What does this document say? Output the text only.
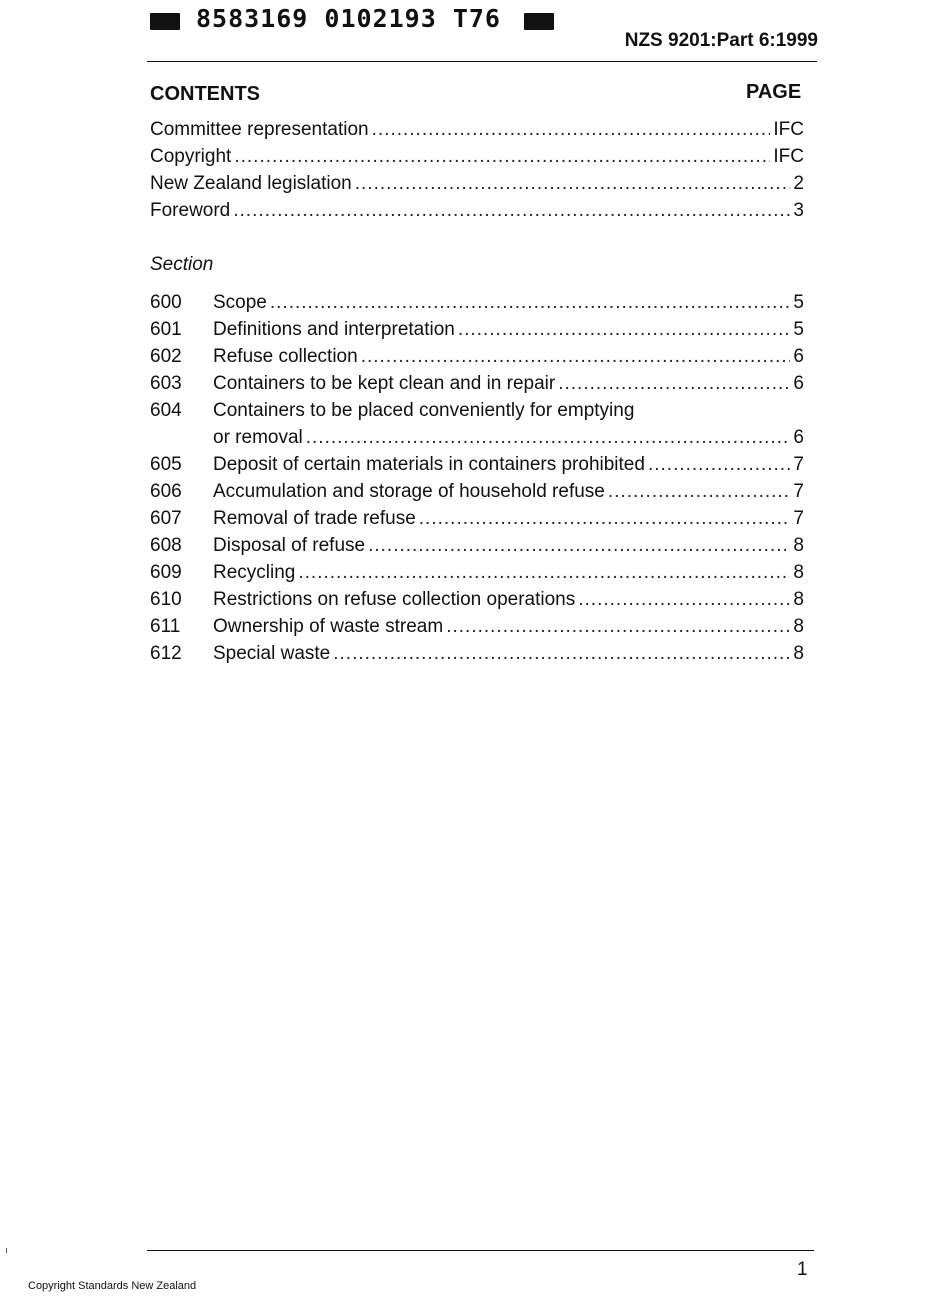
8583169 0102193 T76
NZS 9201:Part 6:1999
CONTENTS	PAGE
Committee representation .....	IFC
Copyright .....	IFC
New Zealand legislation .....	2
Foreword .....	3
Section
600	Scope .....	5
601	Definitions and interpretation .....	5
602	Refuse collection .....	6
603	Containers to be kept clean and in repair .....	6
604	Containers to be placed conveniently for emptying
or removal .....	6
605	Deposit of certain materials in containers prohibited .....	7
606	Accumulation and storage of household refuse .....	7
607	Removal of trade refuse .....	7
608	Disposal of refuse .....	8
609	Recycling .....	8
610	Restrictions on refuse collection operations .....	8
611	Ownership of waste stream .....	8
612	Special waste .....	8
1
Copyright Standards New Zealand
